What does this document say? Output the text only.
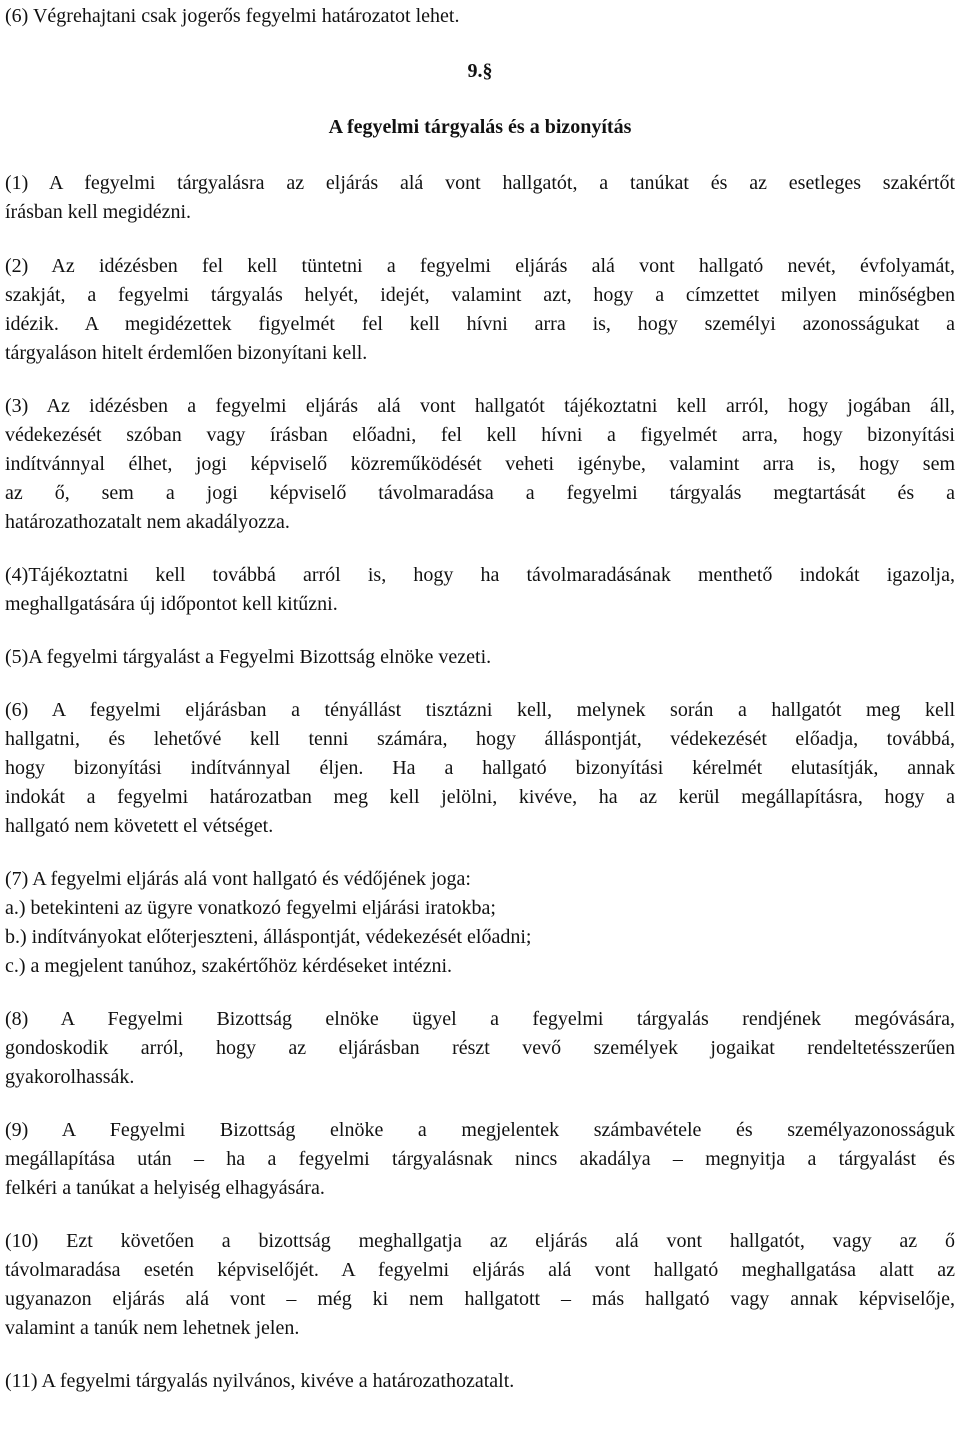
(6) Végrehajtani csak jogerős fegyelmi határozatot lehet.

9.§

A fegyelmi tárgyalás és a bizonyítás

(1) A fegyelmi tárgyalásra az eljárás alá vont hallgatót, a tanúkat és az esetleges szakértőt

írásban kell megidézni.

(2) Az idézésben fel kell tüntetni a fegyelmi eljárás alá vont hallgató nevét, évfolyamát,

szakját, a fegyelmi tárgyalás helyét, idejét, valamint azt, hogy a címzettet milyen minőségben

idézik. A megidézettek figyelmét fel kell hívni arra is, hogy személyi azonosságukat a

tárgyaláson hitelt érdemlően bizonyítani kell.

(3) Az idézésben a fegyelmi eljárás alá vont hallgatót tájékoztatni kell arról, hogy jogában áll,

védekezését szóban vagy írásban előadni, fel kell hívni a figyelmét arra, hogy bizonyítási

indítvánnyal élhet, jogi képviselő közreműködését veheti igénybe, valamint arra is, hogy sem

az ő, sem a jogi képviselő távolmaradása a fegyelmi tárgyalás megtartását és a

határozathozatalt nem akadályozza.

(4)Tájékoztatni kell továbbá arról is, hogy ha távolmaradásának menthető indokát igazolja,

meghallgatására új időpontot kell kitűzni.

(5)A fegyelmi tárgyalást a Fegyelmi Bizottság elnöke vezeti.

(6) A fegyelmi eljárásban a tényállást tisztázni kell, melynek során a hallgatót meg kell

hallgatni, és lehetővé kell tenni számára, hogy álláspontját, védekezését előadja, továbbá,

hogy bizonyítási indítvánnyal éljen. Ha a hallgató bizonyítási kérelmét elutasítják, annak

indokát a fegyelmi határozatban meg kell jelölni, kivéve, ha az kerül megállapításra, hogy a

hallgató nem követett el vétséget.

(7) A fegyelmi eljárás alá vont hallgató és védőjének joga:

a.) betekinteni az ügyre vonatkozó fegyelmi eljárási iratokba;

b.) indítványokat előterjeszteni, álláspontját, védekezését előadni;

c.) a megjelent tanúhoz, szakértőhöz kérdéseket intézni.

(8) A Fegyelmi Bizottság elnöke ügyel a fegyelmi tárgyalás rendjének megóvására,

gondoskodik arról, hogy az eljárásban részt vevő személyek jogaikat rendeltetésszerűen

gyakorolhassák.

(9) A Fegyelmi Bizottság elnöke a megjelentek számbavétele és személyazonosságuk

megállapítása után ‒ ha a fegyelmi tárgyalásnak nincs akadálya ‒ megnyitja a tárgyalást és

felkéri a tanúkat a helyiség elhagyására.

(10) Ezt követően a bizottság meghallgatja az eljárás alá vont hallgatót, vagy az ő

távolmaradása esetén képviselőjét. A fegyelmi eljárás alá vont hallgató meghallgatása alatt az

ugyanazon eljárás alá vont ‒ még ki nem hallgatott ‒ más hallgató vagy annak képviselője,

valamint a tanúk nem lehetnek jelen.

(11) A fegyelmi tárgyalás nyilvános, kivéve a határozathozatalt.
